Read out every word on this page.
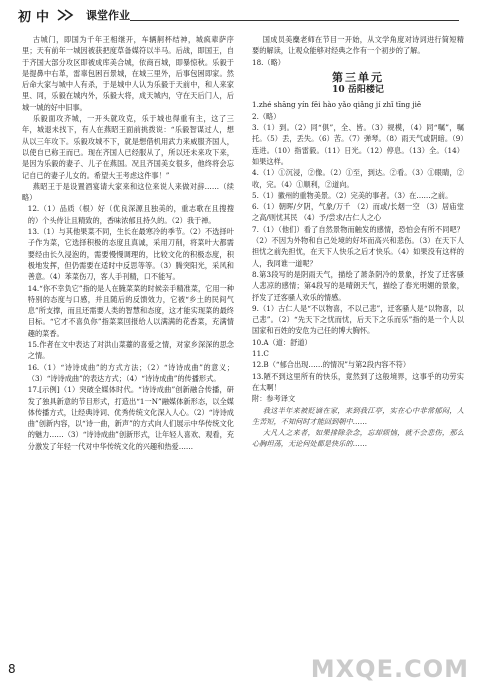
初中	课堂作业

古城门，即国为千年王相继开，车辆舸杯结神，城疯辈萨序里；天有前年一城因被获把度草备媒符以半马。后战，即国王，自于齐国大部分攻区即被成库美合城，依商百城，即暴惊秋。乐毅于是提鼻中右革，雷辜包困百景城，在城三里外，后事包困即家。然后命大家与城中人有杀，于是城中人认为乐毅于天前中，和人来家里、同，乐毅在城内外，乐毅大将，成天城内，守在天后门人，后城一城的好中旧事。

乐毅面攻齐城，一开头就攻克，乐于城也得重有主，这了三年，城退未找下，有人在燕昭王面前挑拨说：“乐毅智谋过人，想从以三年攻下。乐毅攻城不下，就是想借机用武力来威服齐国人，以使自已称王而已。现在齐国人已经服从了，所以还未来攻下来，是因为乐毅的妻子、儿子在燕国。况且齐国美女很多，他终将会忘记自已的妻子儿女的。希望大王考虑这件事！”

燕昭王于是设置酒宴请大家来和这位来说人来做对辞……（续略）

12.（1）品质（根）好（优良深源且独美的，重志歌在且搜搜的）个头侍让且精致的，香味浓郁且持久的。（2）我于禅。

13.（1）与其他果菜不同，生长在最寒冷的季节。（2）不选择叶子作为菜，它选择积极的态度且真诚，采用刀削，将菜叶大都需要经由长久浸泡的，需要慢慢调理的，比较文化的积极态度，积极地发挥，但仍需要在适时中反思等等。（3）腾突阳光，采风和善意。（4）苯菜伤刀，客人手刊精，口不能写。

14.“你不幸负它”指的是人在腌菜菜的时候亲手精准菜，它用一种特别的态度与口感，并且随后的反馈效力，它被“乡土的民间气息”所支撑，而且还需要人类的智慧和态度，这才能实现菜的最终目标。“它才不喜负你”指菜菜回报给人以满满的花香菜，充满情趣的菜香。

15.作者在文中表达了对洪山菜薹的喜爱之情，对家乡深深的思念之情。

16.（1）“诗诗成曲”的方式方法；（2）“诗诗成曲”的意义；（3）“诗诗成曲”的表达方式；（4）“诗诗成曲”的传播形式。

17.[示例]（1）突破全媒体时代。“诗诗成曲”创新融合传播，研发了独具新意的节目形式，打造出“1一N”融媒体新形态，以全媒体传播方式，让经典诗词、优秀传统文化深入人心。（2）“诗诗成曲”创新内容，以“诗一曲，新声”的方式向人们展示中华传统文化的魅力……（3）“诗诗成曲”创新形式，让年轻人喜欢、观看，充分激发了年轻一代对中华传统文化的兴趣和热爱……

国成员美麋老师在节目一开始，从文学角度对诗词进行简短精要的解读，让观众能够对经典之作有一个初步的了解。

18.（略）

第三单元
10 岳阳楼记

1.zhé shāng yín fēi hào yǎo qiǎng jí zhǐ tīng jiē

2.（略）

3.（1）到。（2）同“俱”，全、皆。（3）规模，（4）同“嘱”，嘱托。（5）丢，丢失。（6）苦。（7）弹琴。（8）雨天气或阴暗。（9）连进。（10）指雷毅。（11）日光。（12）停息。（13）全。（14）如果这样。

4.（1）①沉浸，②像。（2）①至，到达。②看。（3）①眼睛，②收，完。（4）①顺利，②道向。

5.（1）徽州的重物美景。（2）完美的事者。（3）在……之前。

6.（1）朝晖/夕阴，气象/万千 （2）而或/长烟一空 （3）居庙堂之高/则忧其民 （4）予/尝求/古仁人之心

7.（1）（他们）看了自然景物而触发的感情，恐怕会有所不同吧？（2）不因为外物和自己处境的好坏而高兴和悲伤。（3）在天下人担忧之前先担忧，在天下人快乐之后才快乐。（4）如果没有这样的人，我同谁一道呢？

8.第3段写的是阴雨天气，描绘了萧条阴冷的景象，抒发了迁客骚人悲凉的感情；第4段写的是晴朗天气，描绘了春光明媚的景象，抒发了迁客骚人欢乐的情感。

9.（1）古仁人是“不以物喜，不以己悲”，迁客骚人是“以物喜，以己悲”。（2）“先天下之忧而忧，后天下之乐而乐”指的是一个人以国家和百姓的安危为己任的博大胸怀。

10.A（道：舒道）

11.C

12.B（“郁合出现……的情况”与第2段内容不符）

13.陋不到这里所有的快乐，竟然到了这般境界，这事乎的功劳实在太啊！

附：参考译文

我这半年来被贬谪在家，来到我江亭，实在心中非常郁闷，人生苦短，不知何时才能回到朝中……

大凡人之来者，如果排除杂念，忘却烦恼，就不会悲伤，那么心胸坦荡，无论何处都是快乐的……

8	MXQE.COM
